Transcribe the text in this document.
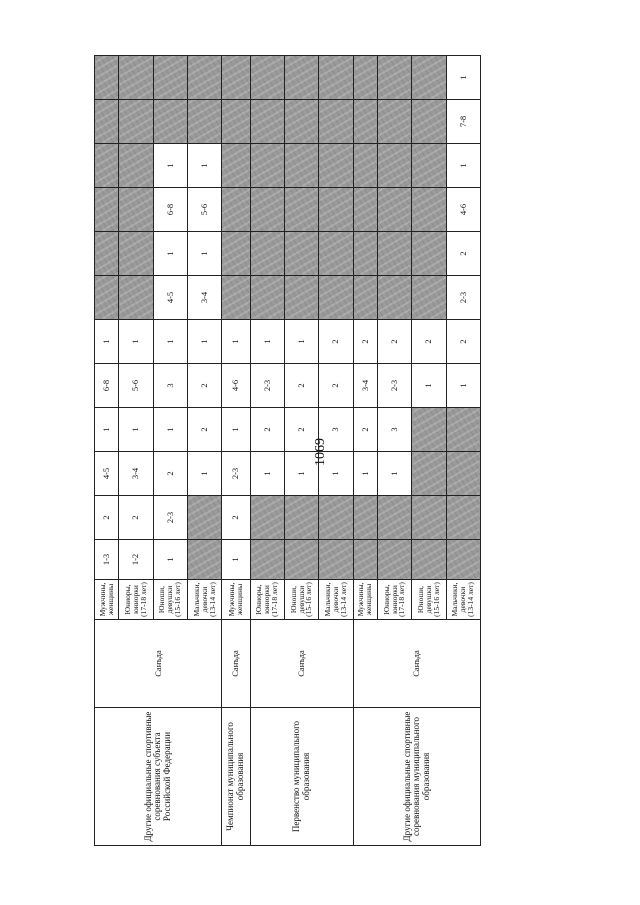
1069
Другие официальные спортивные соревнования субъекта Российской Федерации	Санъда	Мужчины, женщины	1-3	2	4-5	1	6-8	1						
		Юниоры, юниорки (17-18 лет)	1-2	2	3-4	1	5-6	1						
		Юноши, девушки (15-16 лет)	1	2-3	2	1	3	1	4-5	1	6-8	1		
		Мальчики, девочки (13-14 лет)			1	2	2	1	3-4	1	5-6	1		
Чемпионат муниципального образования	Санъда	Мужчины, женщины	1	2	2-3	1	4-6	1						
Первенство муниципального образования	Санъда	Юниоры, юниорки (17-18 лет)			1	2	2-3	1						
		Юноши, девушки (15-16 лет)			1	2	2	1						
		Мальчики, девочки (13-14 лет)			1	3	2	2						
Другие официальные спортивные соревнования муниципального образования	Санъда	Мужчины, женщины			1	2	3-4	2						
		Юниоры, юниорки (17-18 лет)			1	3	2-3	2						
		Юноши, девушки (15-16 лет)					1	2						
		Мальчики, девочки (13-14 лет)					1	2	2-3	2	4-6	1	7-8	1
